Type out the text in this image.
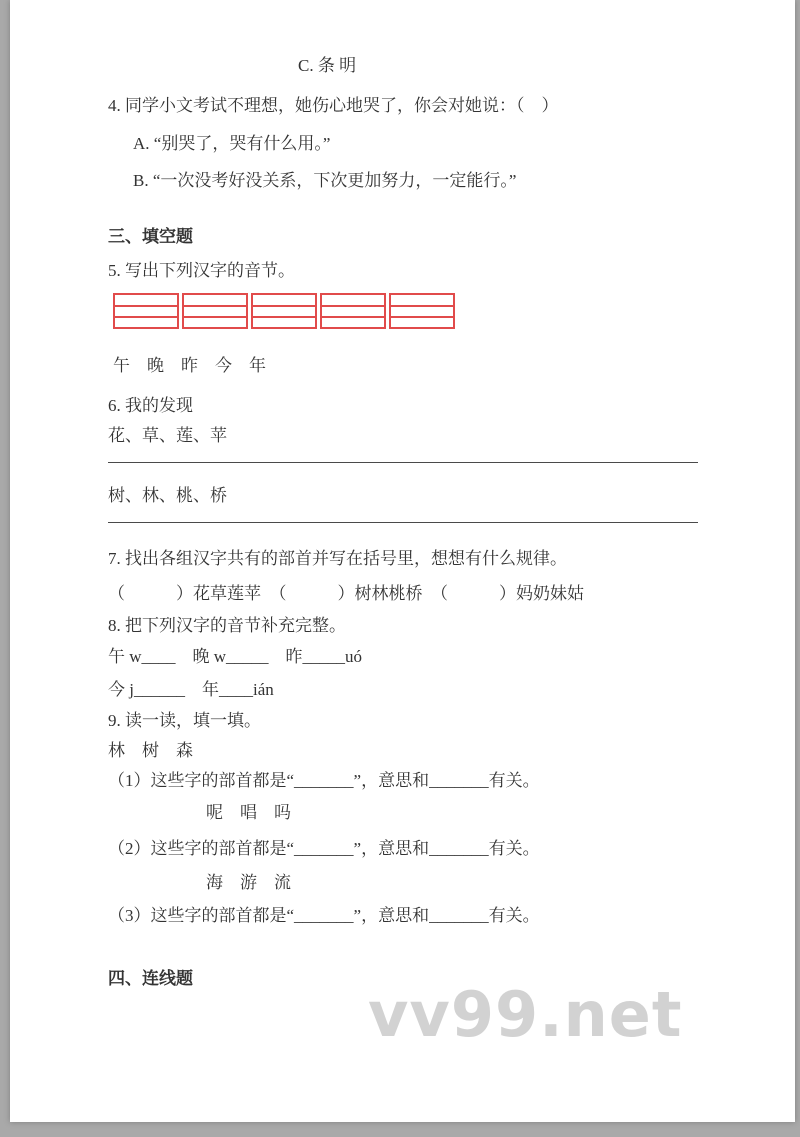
C. 条 明
4. 同学小文考试不理想，她伤心地哭了，你会对她说：（　）
A. “别哭了，哭有什么用。”
B. “一次没考好没关系，下次更加努力，一定能行。”
三、填空题
5. 写出下列汉字的音节。
午　晚　昨　今　年
6. 我的发现
花、草、莲、苹
树、林、桃、桥
7. 找出各组汉字共有的部首并写在括号里，想想有什么规律。
（　　　）花草莲苹　（　　　）树林桃桥　（　　　）妈奶妹姑
8. 把下列汉字的音节补充完整。
午 w____　晚 w_____　昨_____uó
今 j______　年____ián
9. 读一读，填一填。
林　树　森
（1）这些字的部首都是“_______”，意思和_______有关。
呢　唱　吗
（2）这些字的部首都是“_______”，意思和_______有关。
海　游　流
（3）这些字的部首都是“_______”，意思和_______有关。
四、连线题	vv99.net
